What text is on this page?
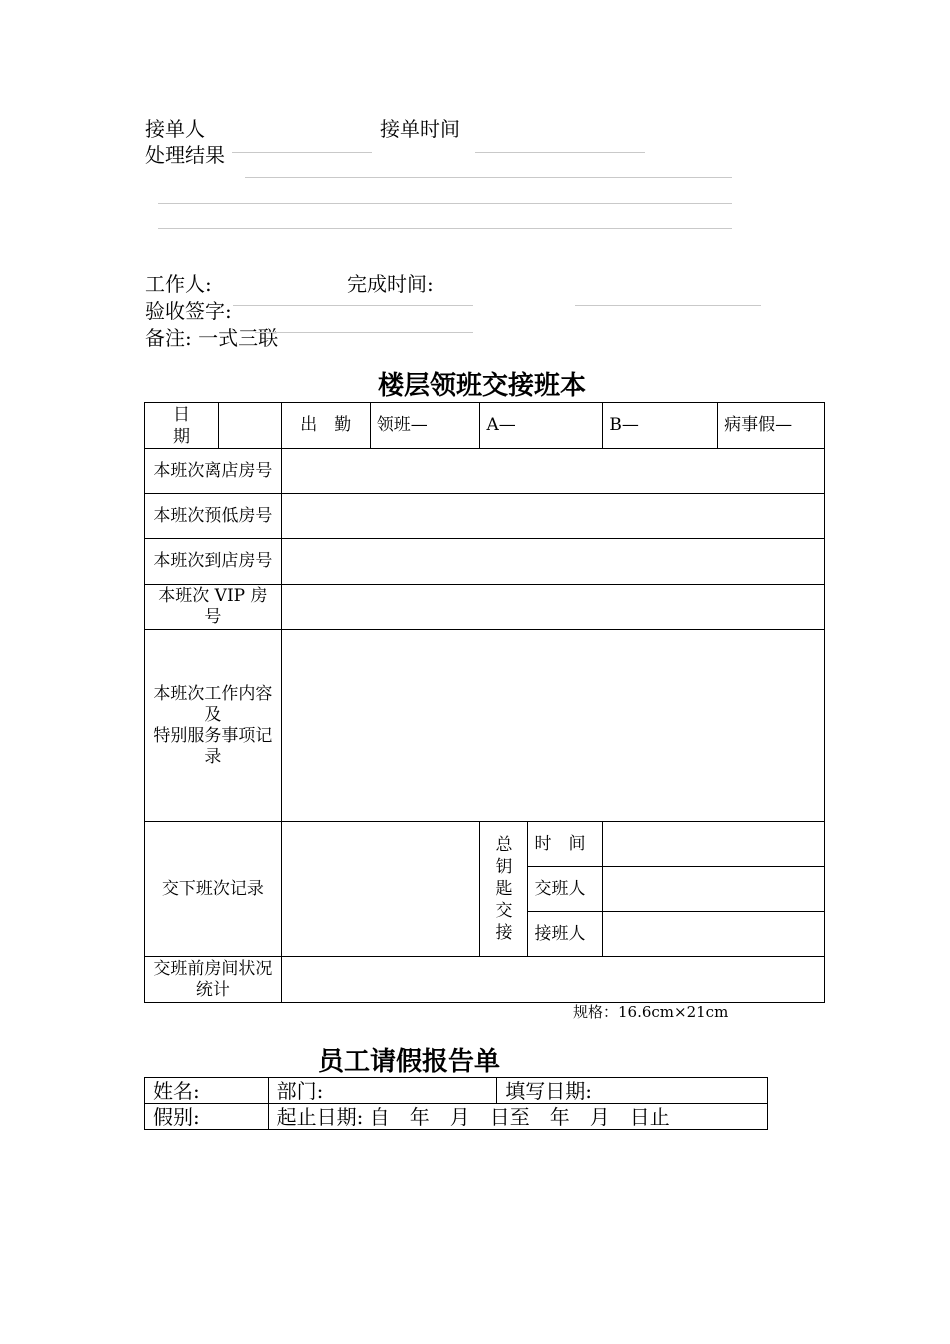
接单人	接单时间
处理结果
工作人:	完成时间:
验收签字:
备注: 一式三联
楼层领班交接班本
日期		出　勤	领班—	A—		B—	病事假—
本班次离店房号							
本班次预低房号							
本班次到店房号							
本班次 VIP 房号							

本班次工作内容及
特别服务事项记录							

交下班次记录				总钥匙交接	时　间		
					交班人		
					接班人		
交班前房间状况统计							
规格：16.6cm×21cm
员工请假报告单
姓名:	部门:	填写日期:
假别:	起止日期: 自　年　月　日至　年　月　日止	
